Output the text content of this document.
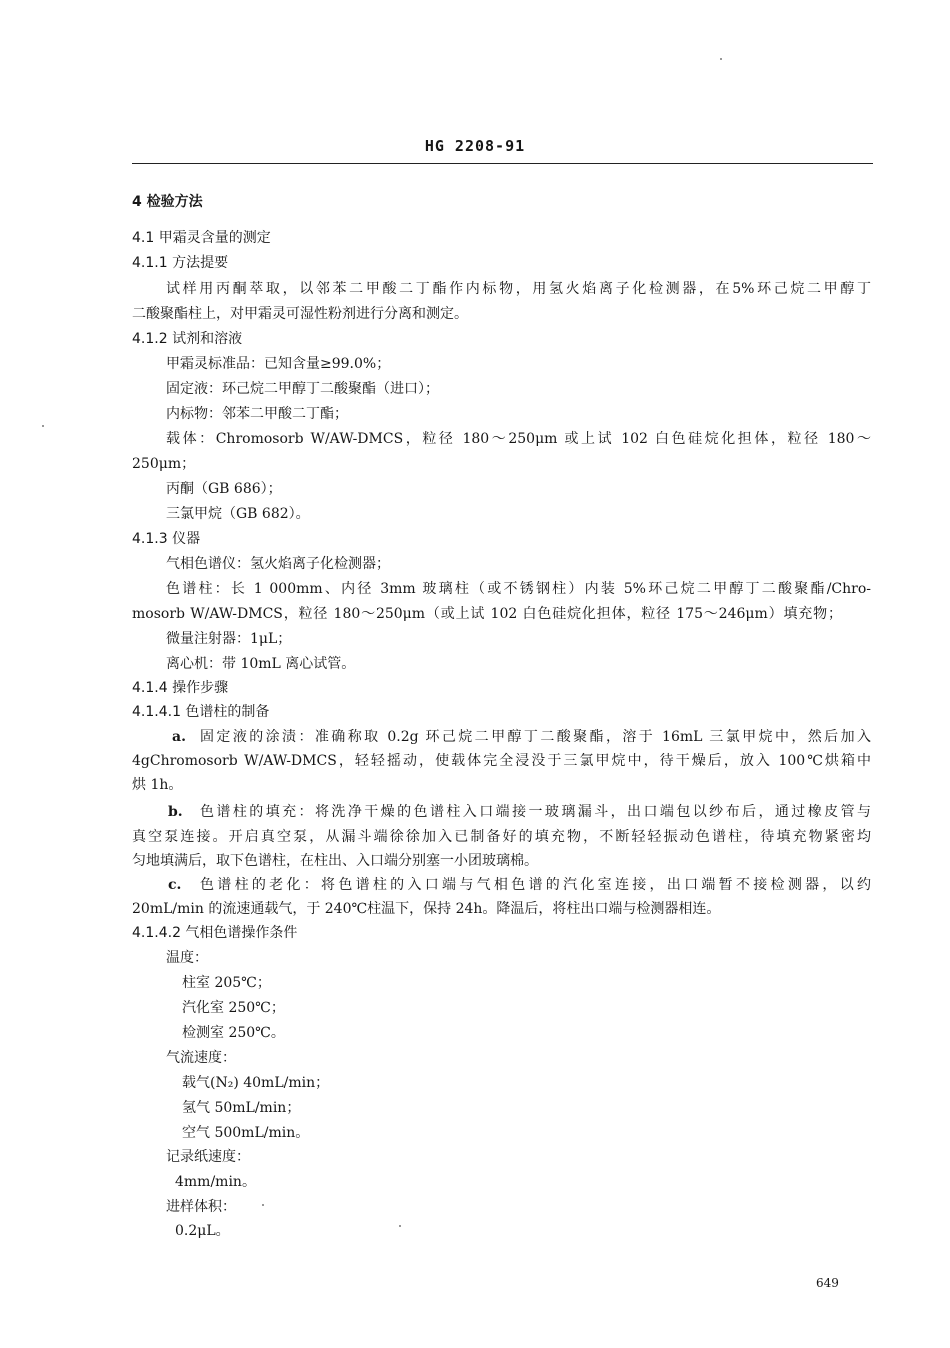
HG 2208-91
4 检验方法
4.1 甲霜灵含量的测定
4.1.1 方法提要
试样用丙酮萃取，以邻苯二甲酸二丁酯作内标物，用氢火焰离子化检测器，在5%环己烷二甲醇丁
二酸聚酯柱上，对甲霜灵可湿性粉剂进行分离和测定。
4.1.2 试剂和溶液
甲霜灵标准品：已知含量≥99.0%；
固定液：环己烷二甲醇丁二酸聚酯（进口）；
内标物：邻苯二甲酸二丁酯；
载体：Chromosorb W/AW-DMCS，粒径 180～250μm 或上试 102 白色硅烷化担体，粒径 180～
250μm；
丙酮（GB 686）；
三氯甲烷（GB 682）。
4.1.3 仪器
气相色谱仪：氢火焰离子化检测器；
色谱柱：长 1 000mm、内径 3mm 玻璃柱（或不锈钢柱）内装 5%环己烷二甲醇丁二酸聚酯/Chro-
mosorb W/AW-DMCS，粒径 180～250μm（或上试 102 白色硅烷化担体，粒径 175～246μm）填充物；
微量注射器：1μL；
离心机：带 10mL 离心试管。
4.1.4 操作步骤
4.1.4.1 色谱柱的制备
a. 固定液的涂渍：准确称取 0.2g 环己烷二甲醇丁二酸聚酯，溶于 16mL 三氯甲烷中，然后加入
4gChromosorb W/AW-DMCS，轻轻摇动，使载体完全浸没于三氯甲烷中，待干燥后，放入 100℃烘箱中
烘 1h。
b. 色谱柱的填充：将洗净干燥的色谱柱入口端接一玻璃漏斗，出口端包以纱布后，通过橡皮管与
真空泵连接。开启真空泵，从漏斗端徐徐加入已制备好的填充物，不断轻轻振动色谱柱，待填充物紧密均
匀地填满后，取下色谱柱，在柱出、入口端分别塞一小团玻璃棉。
c. 色谱柱的老化：将色谱柱的入口端与气相色谱的汽化室连接，出口端暂不接检测器，以约
20mL/min 的流速通载气，于 240℃柱温下，保持 24h。降温后，将柱出口端与检测器相连。
4.1.4.2 气相色谱操作条件
温度：
柱室 205℃；
汽化室 250℃；
检测室 250℃。
气流速度：
载气(N₂) 40mL/min；
氢气 50mL/min；
空气 500mL/min。
记录纸速度：
4mm/min。
进样体积：
0.2μL。
649
